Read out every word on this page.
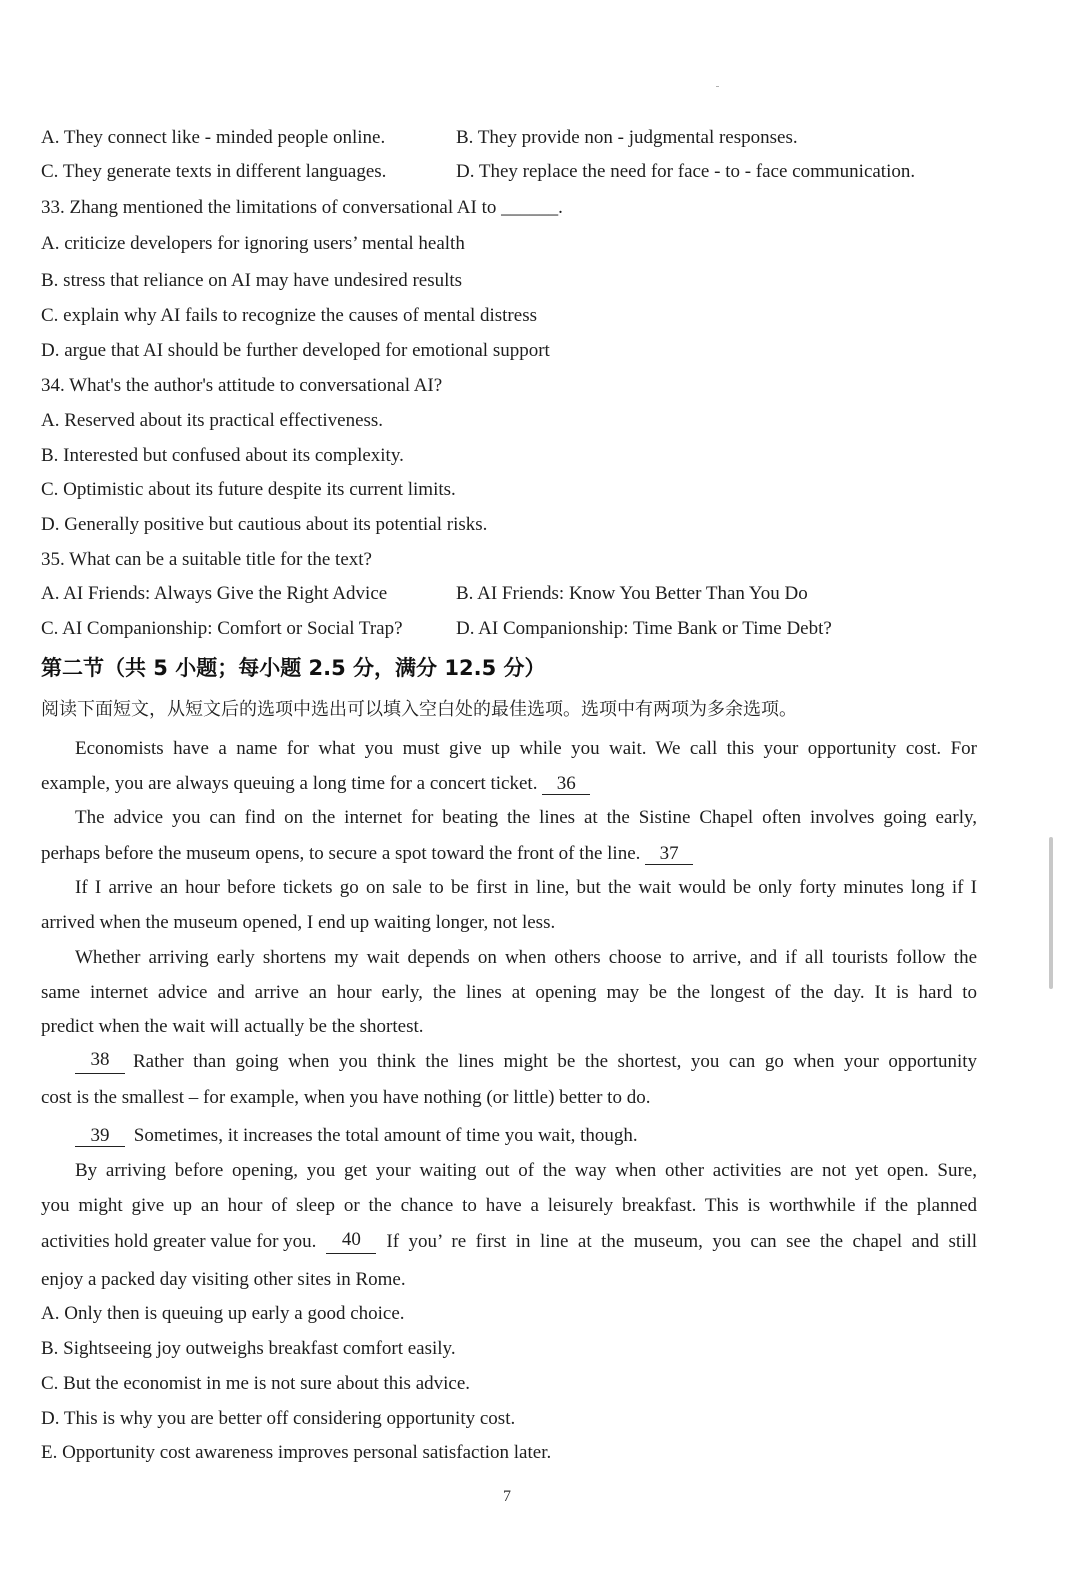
A. They connect like - minded people online.	B. They provide non - judgmental responses.
C. They generate texts in different languages.	D. They replace the need for face - to - face communication.
33. Zhang mentioned the limitations of conversational AI to ______.
A. criticize developers for ignoring users’ mental health
B. stress that reliance on AI may have undesired results
C. explain why AI fails to recognize the causes of mental distress
D. argue that AI should be further developed for emotional support
34. What's the author's attitude to conversational AI?
A. Reserved about its practical effectiveness.
B. Interested but confused about its complexity.
C. Optimistic about its future despite its current limits.
D. Generally positive but cautious about its potential risks.
35. What can be a suitable title for the text?
A. AI Friends: Always Give the Right Advice	B. AI Friends: Know You Better Than You Do
C. AI Companionship: Comfort or Social Trap?	D. AI Companionship: Time Bank or Time Debt?
第二节（共 5 小题；每小题 2.5 分，满分 12.5 分）
阅读下面短文，从短文后的选项中选出可以填入空白处的最佳选项。选项中有两项为多余选项。
Economists have a name for what you must give up while you wait. We call this your opportunity cost. For
example, you are always queuing a long time for a concert ticket. 36
The advice you can find on the internet for beating the lines at the Sistine Chapel often involves going early,
perhaps before the museum opens, to secure a spot toward the front of the line. 37
If I arrive an hour before tickets go on sale to be first in line, but the wait would be only forty minutes long if I
arrived when the museum opened, I end up waiting longer, not less.
Whether arriving early shortens my wait depends on when others choose to arrive, and if all tourists follow the
same internet advice and arrive an hour early, the lines at opening may be the longest of the day. It is hard to
predict when the wait will actually be the shortest.
38	Rather than going when you think the lines might be the shortest, you can go when your opportunity
cost is the smallest – for example, when you have nothing (or little) better to do.
39 Sometimes, it increases the total amount of time you wait, though.
By arriving before opening, you get your waiting out of the way when other activities are not yet open. Sure,
you might give up an hour of sleep or the chance to have a leisurely breakfast. This is worthwhile if the planned
activities hold greater value for you.	40	If you’ re first in line at the museum, you can see the chapel and still
enjoy a packed day visiting other sites in Rome.
A. Only then is queuing up early a good choice.
B. Sightseeing joy outweighs breakfast comfort easily.
C. But the economist in me is not sure about this advice.
D. This is why you are better off considering opportunity cost.
E. Opportunity cost awareness improves personal satisfaction later.
7
